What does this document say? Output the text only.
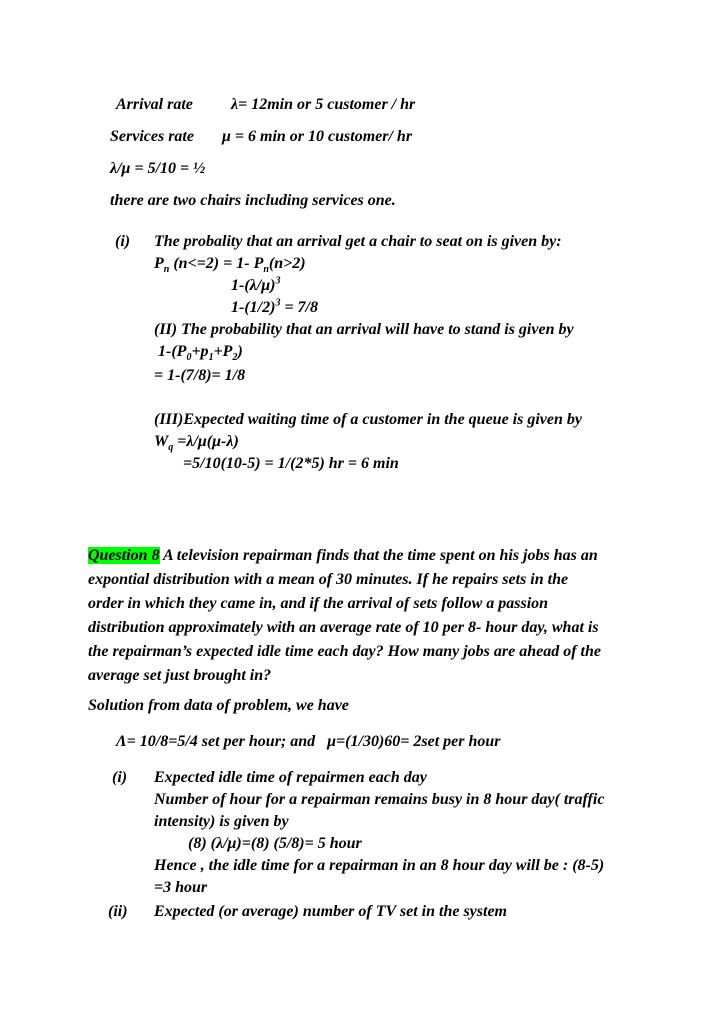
Arrival rate λ= 12min or 5 customer / hr
Services rate μ = 6 min or 10 customer/ hr
λ/μ = 5/10 = ½
there are two chairs including services one.
(i) The probality that an arrival get a chair to seat on is given by:
$P_n$ (n<=2) = 1- $P_n(n>2)$
$1-(\lambda/\mu)^3$
$1-(1/2)^3 = 7/8$
(II) The probability that an arrival will have to stand is given by
$1-(P_0+p_1+P_2)$
= 1-(7/8)= 1/8
(III)Expected waiting time of a customer in the queue is given by
$W_q =\lambda/\mu(\mu-\lambda)$
=5/10(10-5) = 1/(2*5) hr = 6 min
Question 8 A television repairman finds that the time spent on his jobs has an
expontial distribution with a mean of 30 minutes. If he repairs sets in the
order in which they came in, and if the arrival of sets follow a passion
distribution approximately with an average rate of 10 per 8- hour day, what is
the repairman’s expected idle time each day? How many jobs are ahead of the
average set just brought in?
Solution from data of problem, we have
Λ= 10/8=5/4 set per hour; and μ=(1/30)60= 2set per hour
(i) Expected idle time of repairmen each day
Number of hour for a repairman remains busy in 8 hour day( traffic
intensity) is given by
(8) (λ/μ)=(8) (5/8)= 5 hour
Hence , the idle time for a repairman in an 8 hour day will be : (8-5)
=3 hour
(ii) Expected (or average) number of TV set in the system
